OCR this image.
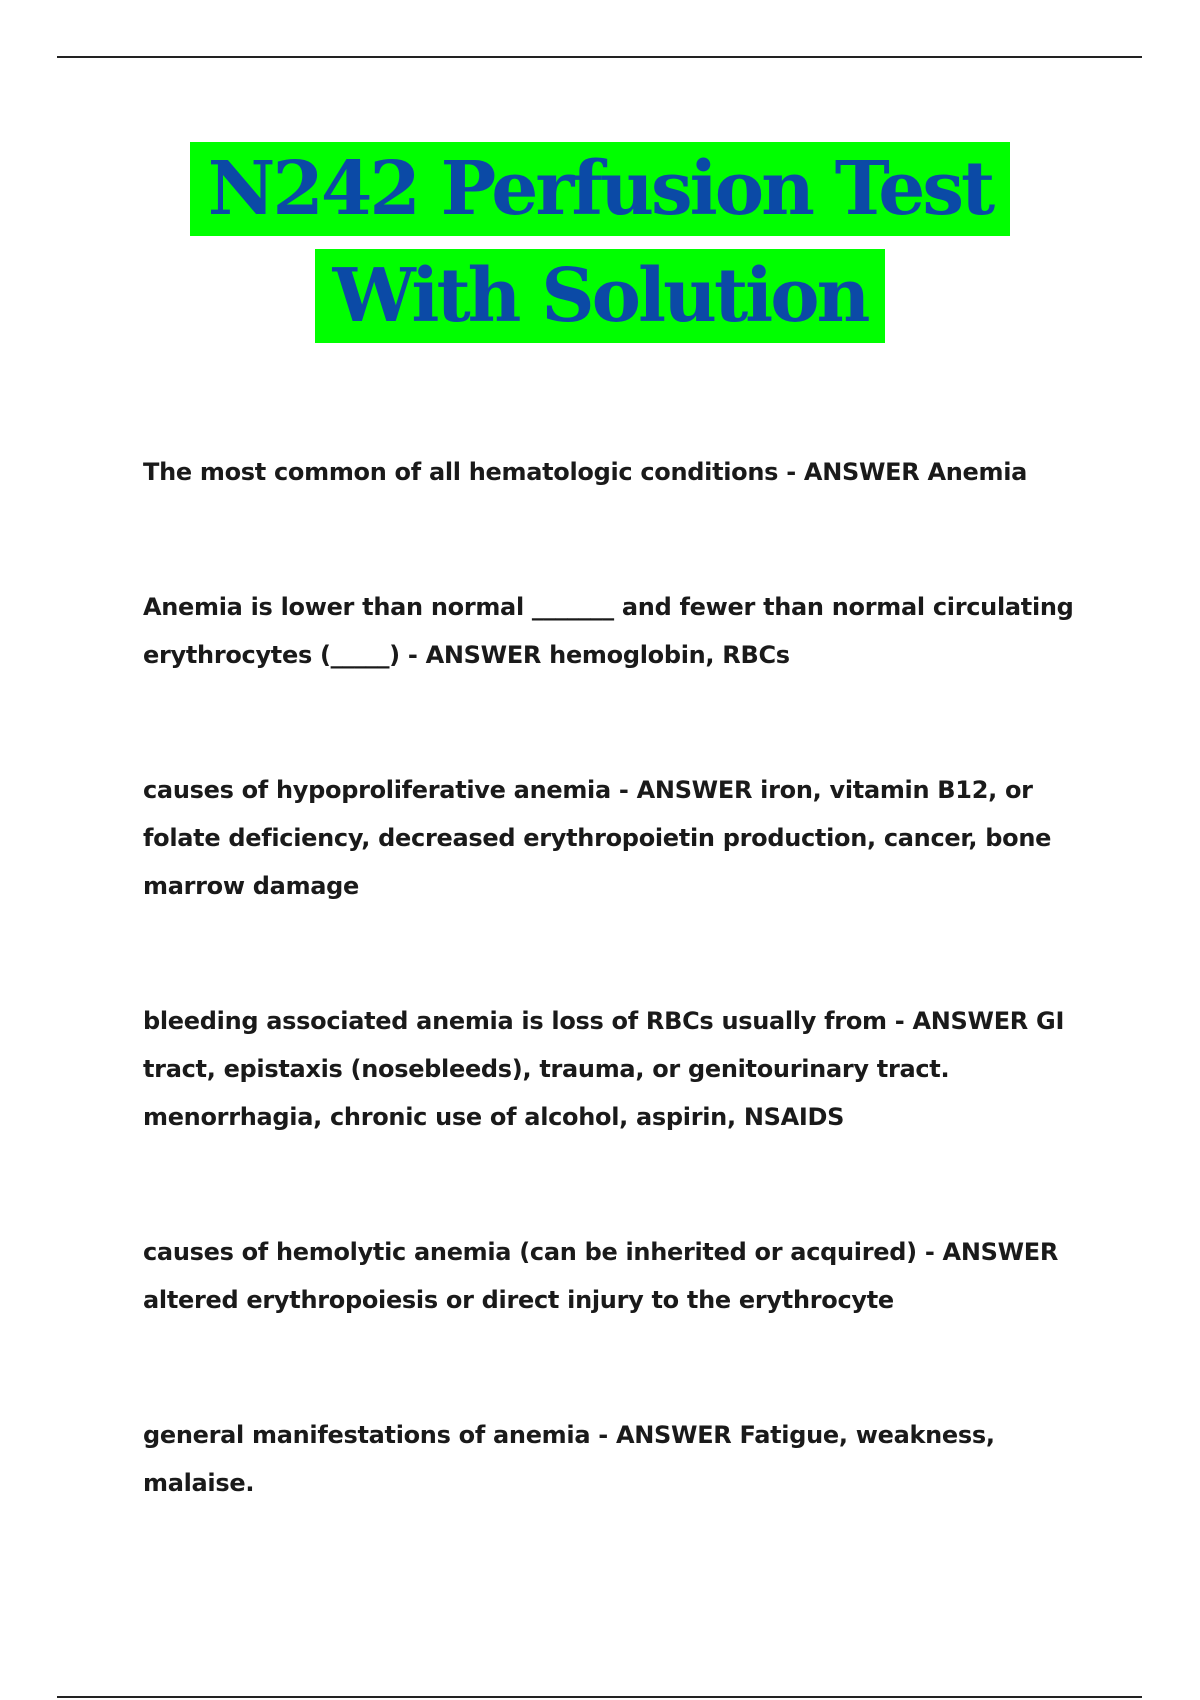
N242 Perfusion Test
With Solution

The most common of all hematologic conditions - ANSWER Anemia

Anemia is lower than normal _______ and fewer than normal circulating erythrocytes (_____) - ANSWER hemoglobin, RBCs

causes of hypoproliferative anemia - ANSWER iron, vitamin B12, or folate deficiency, decreased erythropoietin production, cancer, bone marrow damage

bleeding associated anemia is loss of RBCs usually from - ANSWER GI tract, epistaxis (nosebleeds), trauma, or genitourinary tract. menorrhagia, chronic use of alcohol, aspirin, NSAIDS

causes of hemolytic anemia (can be inherited or acquired) - ANSWER altered erythropoiesis or direct injury to the erythrocyte

general manifestations of anemia - ANSWER Fatigue, weakness, malaise.
